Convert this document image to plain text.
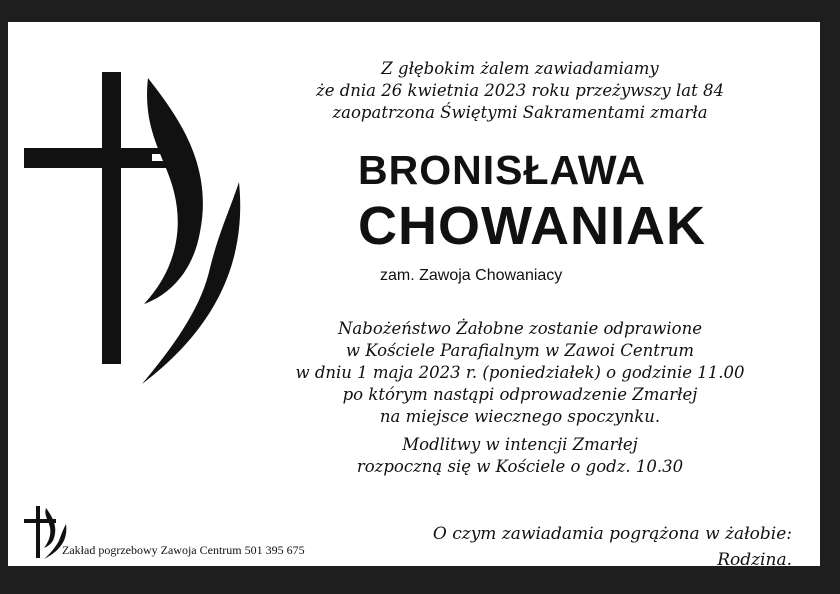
Z głębokim żalem zawiadamiamy
że dnia 26 kwietnia 2023 roku przeżywszy lat 84
zaopatrzona Świętymi Sakramentami zmarła
BRONISŁAWA
CHOWANIAK
zam. Zawoja Chowaniacy
Nabożeństwo Żałobne zostanie odprawione
w Kościele Parafialnym w Zawoi Centrum
w dniu 1 maja 2023 r. (poniedziałek) o godzinie 11.00
po którym nastąpi odprowadzenie Zmarłej
na miejsce wiecznego spoczynku.
Modlitwy w intencji Zmarłej
rozpoczną się w Kościele o godz. 10.30
Zakład pogrzebowy Zawoja Centrum 501 395 675
O czym zawiadamia pogrążona w żałobie:
Rodzina.
